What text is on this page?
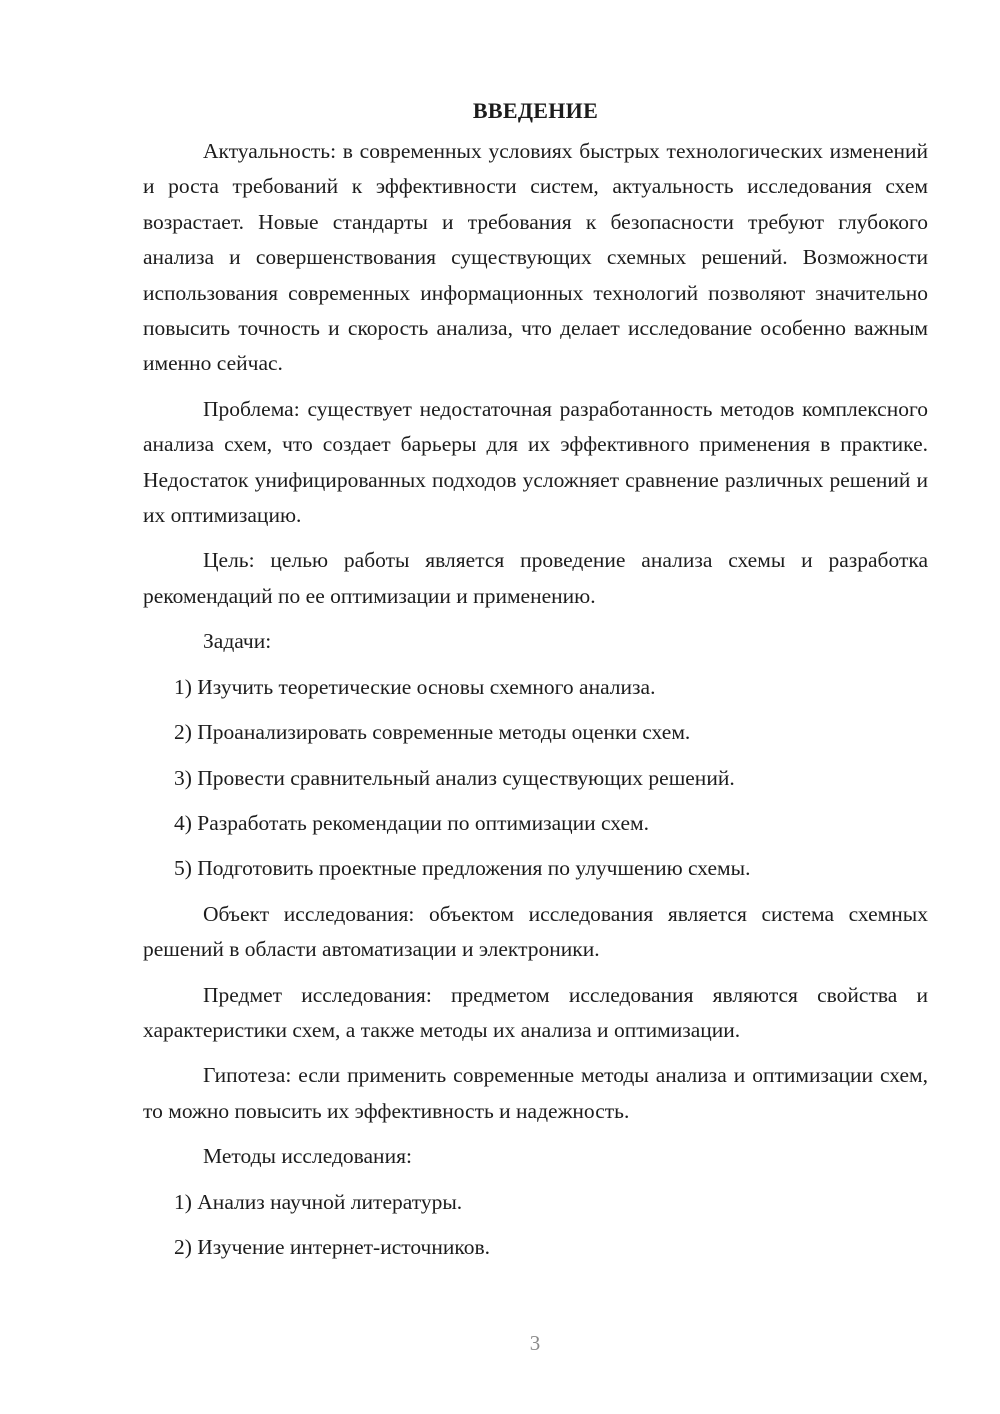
ВВЕДЕНИЕ

Актуальность: в современных условиях быстрых технологических изменений и роста требований к эффективности систем, актуальность исследования схем возрастает. Новые стандарты и требования к безопасности требуют глубокого анализа и совершенствования существующих схемных решений. Возможности использования современных информационных технологий позволяют значительно повысить точность и скорость анализа, что делает исследование особенно важным именно сейчас.

Проблема: существует недостаточная разработанность методов комплексного анализа схем, что создает барьеры для их эффективного применения в практике. Недостаток унифицированных подходов усложняет сравнение различных решений и их оптимизацию.

Цель: целью работы является проведение анализа схемы и разработка рекомендаций по ее оптимизации и применению.

Задачи:

1) Изучить теоретические основы схемного анализа.

2) Проанализировать современные методы оценки схем.

3) Провести сравнительный анализ существующих решений.

4) Разработать рекомендации по оптимизации схем.

5) Подготовить проектные предложения по улучшению схемы.

Объект исследования: объектом исследования является система схемных решений в области автоматизации и электроники.

Предмет исследования: предметом исследования являются свойства и характеристики схем, а также методы их анализа и оптимизации.

Гипотеза: если применить современные методы анализа и оптимизации схем, то можно повысить их эффективность и надежность.

Методы исследования:

1) Анализ научной литературы.

2) Изучение интернет-источников.

3
